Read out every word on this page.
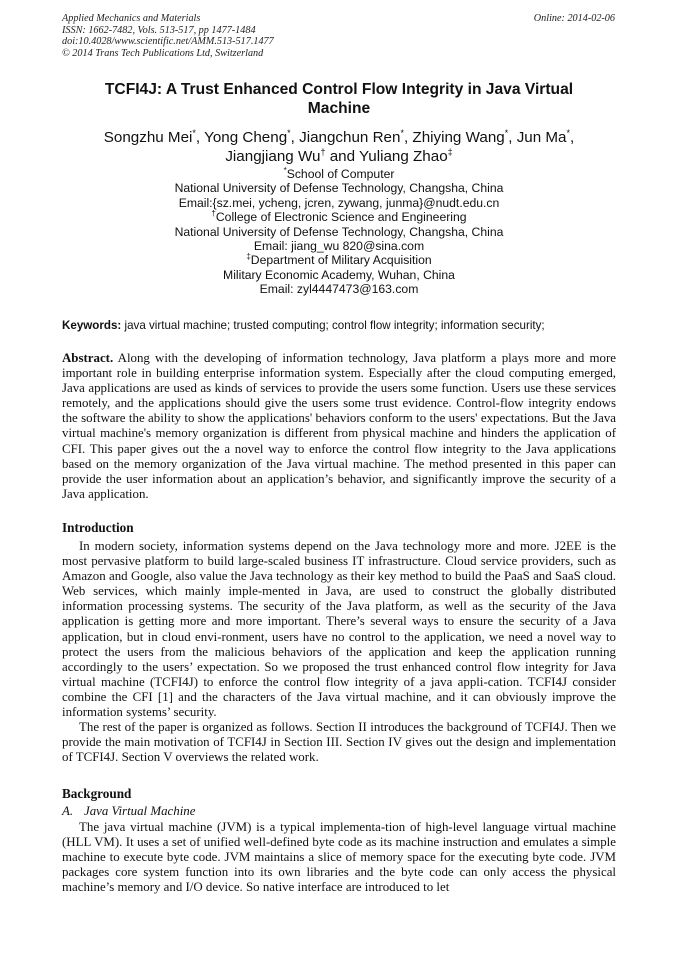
Applied Mechanics and Materials
ISSN: 1662-7482, Vols. 513-517, pp 1477-1484
doi:10.4028/www.scientific.net/AMM.513-517.1477
© 2014 Trans Tech Publications Ltd, Switzerland
Online: 2014-02-06
TCFI4J: A Trust Enhanced Control Flow Integrity in Java Virtual
Machine
Songzhu Mei*, Yong Cheng*, Jiangchun Ren*, Zhiying Wang*, Jun Ma*,
Jiangjiang Wu† and Yuliang Zhao‡
*School of Computer
National University of Defense Technology, Changsha, China
Email:{sz.mei, ycheng, jcren, zywang, junma}@nudt.edu.cn
†College of Electronic Science and Engineering
National University of Defense Technology, Changsha, China
Email: jiang_wu 820@sina.com
‡Department of Military Acquisition
Military Economic Academy, Wuhan, China
Email: zyl4447473@163.com
Keywords: java virtual machine; trusted computing; control flow integrity; information security;

Abstract. Along with the developing of information technology, Java platform a plays more and more important role in building enterprise information system. Especially after the cloud computing emerged, Java applications are used as kinds of services to provide the users some function. Users use these services remotely, and the applications should give the users some trust evidence. Control-flow integrity endows the software the ability to show the applications' behaviors conform to the users' expectations. But the Java virtual machine's memory organization is different from physical machine and hinders the application of CFI. This paper gives out the a novel way to enforce the control flow integrity to the Java applications based on the memory organization of the Java virtual machine. The method presented in this paper can provide the user information about an application’s behavior, and significantly improve the security of a Java application.

Introduction

In modern society, information systems depend on the Java technology more and more. J2EE is the most pervasive platform to build large-scaled business IT infrastructure. Cloud service providers, such as Amazon and Google, also value the Java technology as their key method to build the PaaS and SaaS cloud. Web services, which mainly imple-mented in Java, are used to construct the globally distributed information processing systems. The security of the Java platform, as well as the security of the Java application is getting more and more important. There’s several ways to ensure the security of a Java application, but in cloud envi-ronment, users have no control to the application, we need a novel way to protect the users from the malicious behaviors of the application and keep the application running accordingly to the users’ expectation. So we proposed the trust enhanced control flow integrity for Java virtual machine (TCFI4J) to enforce the control flow integrity of a java appli-cation. TCFI4J consider combine the CFI [1] and the characters of the Java virtual machine, and it can obviously improve the information systems’ security.

The rest of the paper is organized as follows. Section II introduces the background of TCFI4J. Then we provide the main motivation of TCFI4J in Section III. Section IV gives out the design and implementation of TCFI4J. Section V overviews the related work.

Background
A. Java Virtual Machine

The java virtual machine (JVM) is a typical implementa-tion of high-level language virtual machine (HLL VM). It uses a set of unified well-defined byte code as its machine instruction and emulates a simple machine to execute byte code. JVM maintains a slice of memory space for the executing byte code. JVM packages core system function into its own libraries and the byte code can only access the physical machine’s memory and I/O device. So native interface are introduced to let
